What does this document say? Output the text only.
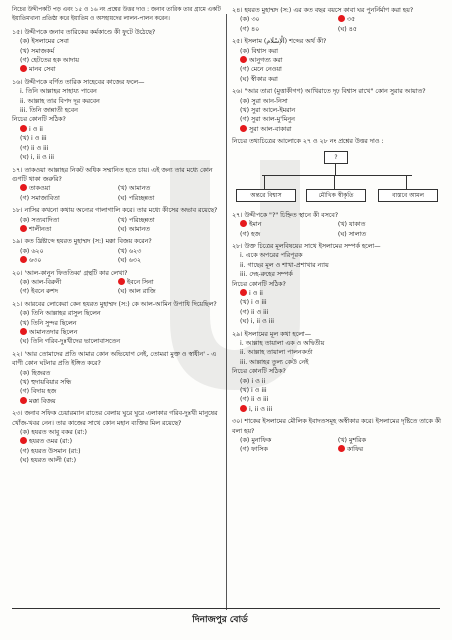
নিচের উদ্দীপকটি পড় এবং ১৫ ও ১৬ নং প্রশ্নের উত্তর দাও : জনাব তারিক তার গ্রামে একটি ইয়াতিমখানা প্রতিষ্ঠা করে ইয়াতিম ও অসহায়দের লালন-পালন করেন।
১৫। উদ্দীপকে জনাব তারিকের কর্মকাণ্ডে কী ফুটে উঠেছে?
(ক) ইসলামের সেবা
(খ) সমাজকর্ম
(গ) হেটতের হক আদায়
মানব সেবা
১৬। উদ্দীপকে বর্ণিত তারিক সাহেবের কাজের ফলে—
i. তিনি আল্লাহর সাহায্য পাবেন
ii. আল্লাহ তার বিপদ দূর করবেন
iii. তিনি জান্নাতী হবেন
নিচের কোনটি সঠিক?
i ও ii
(খ) i ও iii
(গ) ii ও iii
(ঘ) i, ii ও iii
১৭। তাকওয়া আল্লাহর নিকট অধিক সম্মানিত হতে চায়। এই জন্য তার মধ্যে কোন গুণটি থাকা জরুরি?
তাকওয়া	(খ) আমানত
(গ) সমাজাবিতা	(ঘ) পরিচ্ছন্নতা
১৮। নাসির কখনো কথায় অন্যের গালাগালি করে। তার মধ্যে কীসের অভাব রয়েছে?
(ক) সত্যবাদিতা	(খ) পরিচ্ছন্নতা
শালীনতা	(ঘ) আমানত
১৯। কত খ্রিষ্টাব্দে হযরত মুহাম্মদ (স:) মক্কা বিজয় করেন?
(ক) ৬২০	(খ) ৬২৩
৬৩০	(ঘ) ৬৩২
২০। 'আল-কানুন ফিততিব্ব' গ্রন্থটি কার লেখা?
(ক) আল-বিরুনী	ইবনে সিনা
(গ) ইবনে রুশদ	(ঘ) আল রাজি
২১। আরবের লোকেরা কেন হযরত মুহাম্মদ (স:) কে আল-আমিন উপাধি দিয়েছিল?
(ক) তিনি আল্লাহর রাসুল ছিলেন
(খ) তিনি সুন্দর ছিলেন
আমানতদার ছিলেন
(ঘ) তিনি গরিব-দুঃখীদের ভালোবাসতেন
২২। 'আর তোমাদের প্রতি আমার কোন অভিযোগ নেই, তোমরা মুক্ত ও স্বাধীন' - এ বাণী কোন ঘটনার প্রতি ইঙ্গিত করে?
(ক) হিজরত
(খ) হুদায়বিয়ার সন্ধি
(গ) বিদায় হজ
মক্কা বিজয়
২৩। জনাব সফিক চেয়ারম্যান রাতের বেলায় ঘুরে ঘুরে এলাকার গরিব-দুঃখী মানুষের খোঁজ-খবর নেন। তার কাজের সাথে কোন মহান ব্যক্তির মিল রয়েছে?
(ক) হযরত আবু বকর (রা:)
হযরত ওমর (রা:)
(গ) হযরত উসমান (রা:)
(ঘ) হযরত আলী (রা:)
২৪। হযরত মুহাম্মদ (স:) এর কত বছর বয়সে কাবা ঘর পুনর্নির্মাণ করা হয়?
(ক) ৩০	৩৫
(গ) ৪০	(ঘ) ৪৫
২৫। ইসলাম (اَلْاِسْلَام) শব্দের অর্থ কী?
(ক) বিশ্বাস করা
আনুগত্য করা
(গ) মেনে নেওয়া
(ঘ) স্বীকার করা
২৬। "আর তারা (মুত্তাকীগণ) আখিরাতে দৃঢ় বিশ্বাস রাখে" কোন সুরার আয়াত?
(ক) সুরা আন-নিসা
(খ) সুরা আলে-ইমরান
(গ) সুরা আল-মু'মিনুন
সুরা আল-বাকারা
নিচের তথ্যচিত্রের আলোকে ২৭ ও ২৮ নং প্রশ্নের উত্তর দাও :
?
অন্তরে বিশ্বাস	মৌখিক স্বীকৃতি	বাস্তবে আমল
২৭। উদ্দীপকে "?" চিহ্নিত স্থানে কী বসবে?
ইমান	(খ) যাকাত
(গ) হজ	(ঘ) সালাত
২৮। উক্ত চিত্রের মূলবিষয়ের সাথে ইসলামের সম্পর্ক হলো—
i. একে অপরের পরিপূরক
ii. গাছের মূল ও শাখা-প্রশাখার ন্যায়
iii. দেহ-রুহের সম্পর্ক
নিচের কোনটি সঠিক?
i ও ii
(খ) i ও iii
(গ) ii ও iii
(ঘ) i, ii ও iii
২৯। ইসলামের মূল কথা হলো—
i. আল্লাহ তায়ালা এক ও অদ্বিতীয়
ii. আল্লাহ তায়ালা পালনকর্তা
iii. আল্লাহর তুল্য কেউ নেই
নিচের কোনটি সঠিক?
(ক) i ও ii
(খ) i ও iii
(গ) ii ও iii
i, ii ও iii
৩০। শাকের ইসলামের মৌলিক ইবাদতসমূহ অস্বীকার করে। ইসলামের দৃষ্টিতে তাকে কী বলা হয়?
(ক) মুনাফিক	(খ) মুশরিক
(গ) ফাসিক	কাফির
দিনাজপুর বোর্ড
